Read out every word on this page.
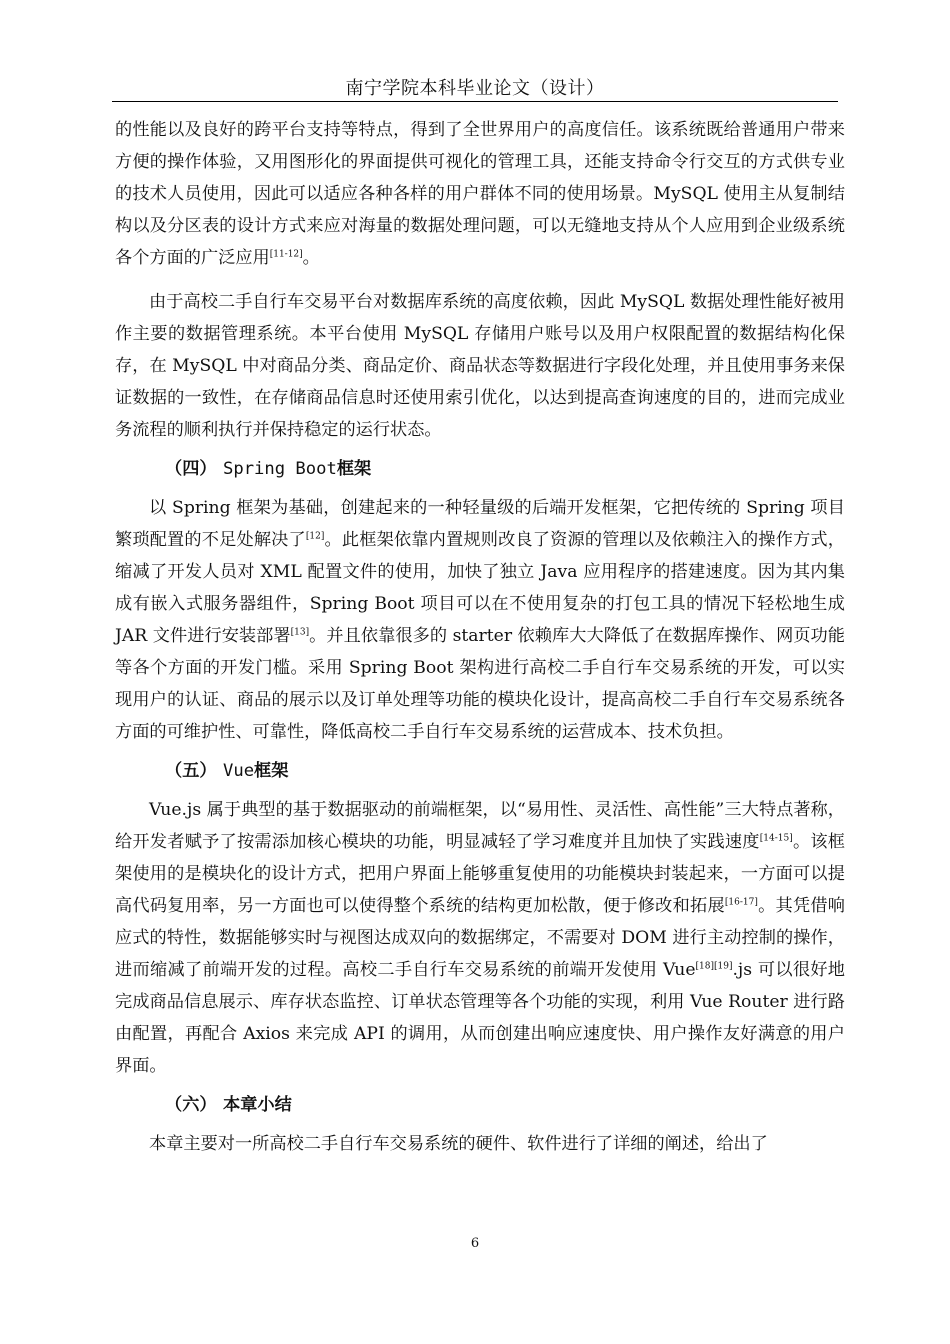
南宁学院本科毕业论文（设计）

的性能以及良好的跨平台支持等特点，得到了全世界用户的高度信任。该系统既给普通用户带来方便的操作体验，又用图形化的界面提供可视化的管理工具，还能支持命令行交互的方式供专业的技术人员使用，因此可以适应各种各样的用户群体不同的使用场景。MySQL 使用主从复制结构以及分区表的设计方式来应对海量的数据处理问题，可以无缝地支持从个人应用到企业级系统各个方面的广泛应用[11-12]。

由于高校二手自行车交易平台对数据库系统的高度依赖，因此 MySQL 数据处理性能好被用作主要的数据管理系统。本平台使用 MySQL 存储用户账号以及用户权限配置的数据结构化保存，在 MySQL 中对商品分类、商品定价、商品状态等数据进行字段化处理，并且使用事务来保证数据的一致性，在存储商品信息时还使用索引优化，以达到提高查询速度的目的，进而完成业务流程的顺利执行并保持稳定的运行状态。

（四） Spring Boot框架

以 Spring 框架为基础，创建起来的一种轻量级的后端开发框架，它把传统的 Spring 项目繁琐配置的不足处解决了[12]。此框架依靠内置规则改良了资源的管理以及依赖注入的操作方式，缩减了开发人员对 XML 配置文件的使用，加快了独立 Java 应用程序的搭建速度。因为其内集成有嵌入式服务器组件，Spring Boot 项目可以在不使用复杂的打包工具的情况下轻松地生成 JAR 文件进行安装部署[13]。并且依靠很多的 starter 依赖库大大降低了在数据库操作、网页功能等各个方面的开发门槛。采用 Spring Boot 架构进行高校二手自行车交易系统的开发，可以实现用户的认证、商品的展示以及订单处理等功能的模块化设计，提高高校二手自行车交易系统各方面的可维护性、可靠性，降低高校二手自行车交易系统的运营成本、技术负担。

（五） Vue框架

Vue.js 属于典型的基于数据驱动的前端框架，以“易用性、灵活性、高性能”三大特点著称，给开发者赋予了按需添加核心模块的功能，明显减轻了学习难度并且加快了实践速度[14-15]。该框架使用的是模块化的设计方式，把用户界面上能够重复使用的功能模块封装起来，一方面可以提高代码复用率，另一方面也可以使得整个系统的结构更加松散，便于修改和拓展[16-17]。其凭借响应式的特性，数据能够实时与视图达成双向的数据绑定，不需要对 DOM 进行主动控制的操作，进而缩减了前端开发的过程。高校二手自行车交易系统的前端开发使用 Vue[18][19].js 可以很好地完成商品信息展示、库存状态监控、订单状态管理等各个功能的实现，利用 Vue Router 进行路由配置，再配合 Axios 来完成 API 的调用，从而创建出响应速度快、用户操作友好满意的用户界面。

（六） 本章小结

本章主要对一所高校二手自行车交易系统的硬件、软件进行了详细的阐述，给出了

6
